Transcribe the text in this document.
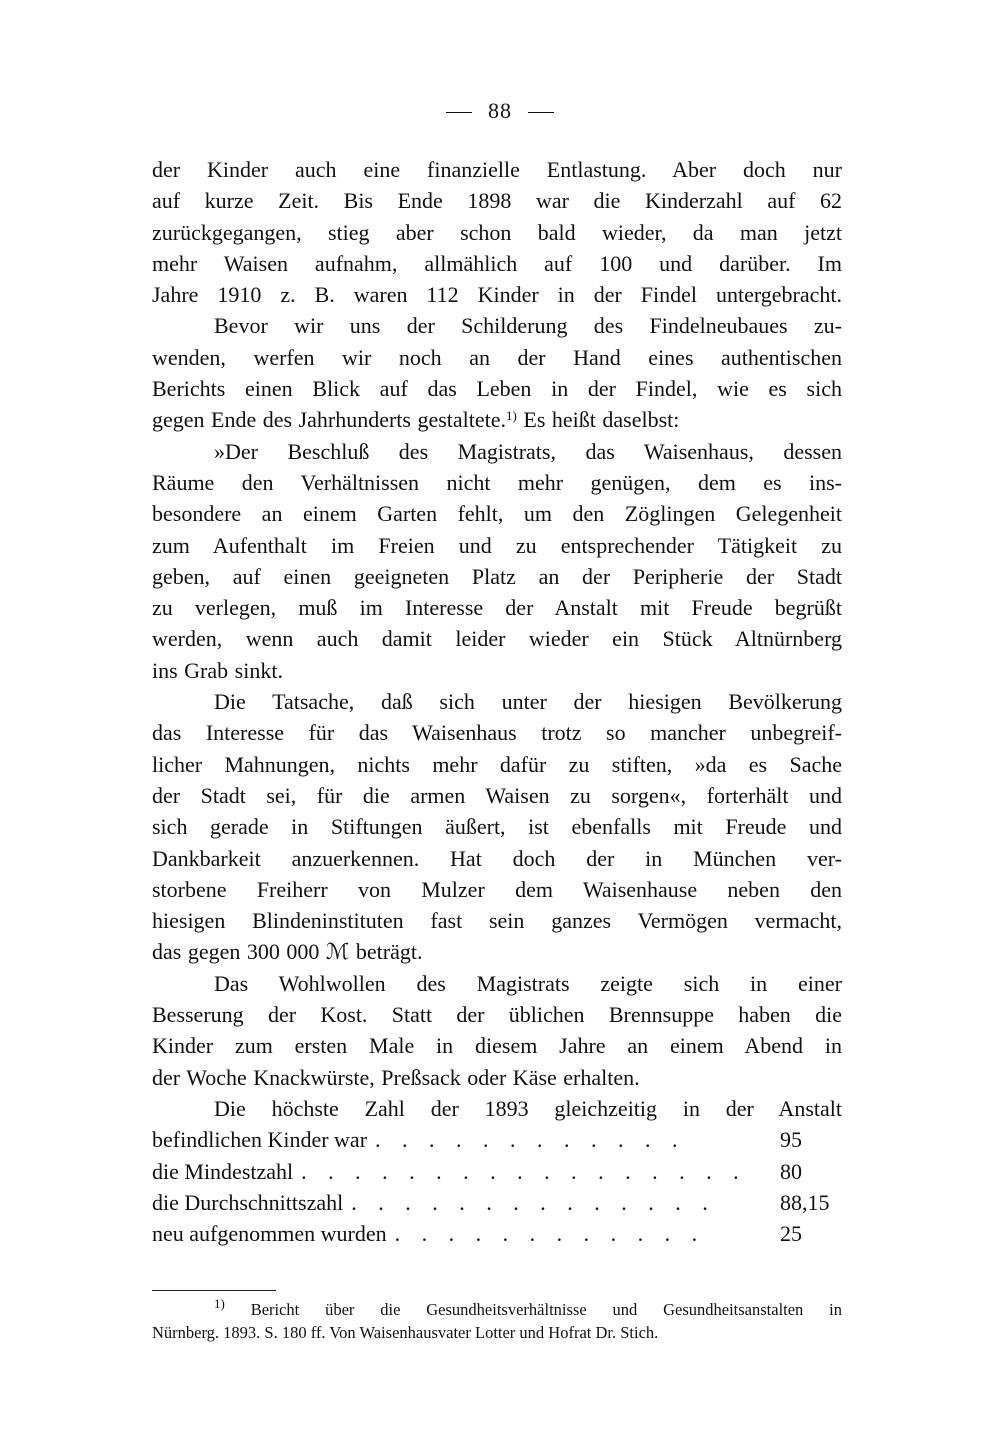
88

der Kinder auch eine finanzielle Entlastung. Aber doch nur
auf kurze Zeit. Bis Ende 1898 war die Kinderzahl auf 62
zurückgegangen, stieg aber schon bald wieder, da man jetzt
mehr Waisen aufnahm, allmählich auf 100 und darüber. Im
Jahre 1910 z. B. waren 112 Kinder in der Findel untergebracht.

Bevor wir uns der Schilderung des Findelneubaues zu-
wenden, werfen wir noch an der Hand eines authentischen
Berichts einen Blick auf das Leben in der Findel, wie es sich
gegen Ende des Jahrhunderts gestaltete.$^{1)}$ Es heißt daselbst:

»Der Beschluß des Magistrats, das Waisenhaus, dessen
Räume den Verhältnissen nicht mehr genügen, dem es ins-
besondere an einem Garten fehlt, um den Zöglingen Gelegenheit
zum Aufenthalt im Freien und zu entsprechender Tätigkeit zu
geben, auf einen geeigneten Platz an der Peripherie der Stadt
zu verlegen, muß im Interesse der Anstalt mit Freude begrüßt
werden, wenn auch damit leider wieder ein Stück Altnürnberg
ins Grab sinkt.

Die Tatsache, daß sich unter der hiesigen Bevölkerung
das Interesse für das Waisenhaus trotz so mancher unbegreif-
licher Mahnungen, nichts mehr dafür zu stiften, »da es Sache
der Stadt sei, für die armen Waisen zu sorgen«, forterhält und
sich gerade in Stiftungen äußert, ist ebenfalls mit Freude und
Dankbarkeit anzuerkennen. Hat doch der in München ver-
storbene Freiherr von Mulzer dem Waisenhause neben den
hiesigen Blindeninstituten fast sein ganzes Vermögen vermacht,
das gegen 300 000 ℳ beträgt.

Das Wohlwollen des Magistrats zeigte sich in einer
Besserung der Kost. Statt der üblichen Brennsuppe haben die
Kinder zum ersten Male in diesem Jahre an einem Abend in
der Woche Knackwürste, Preßsack oder Käse erhalten.

Die höchste Zahl der 1893 gleichzeitig in der Anstalt

befindlichen Kinder war . . . . . . . . . . . .	95
die Mindestzahl . . . . . . . . . . . . . . . . .	80
die Durchschnittszahl . . . . . . . . . . . . . .	88,15
neu aufgenommen wurden . . . . . . . . . . . .	25
$^{1)}$ Bericht über die Gesundheitsverhältnisse und Gesundheitsanstalten in
Nürnberg. 1893. S. 180 ff. Von Waisenhausvater Lotter und Hofrat Dr. Stich.
